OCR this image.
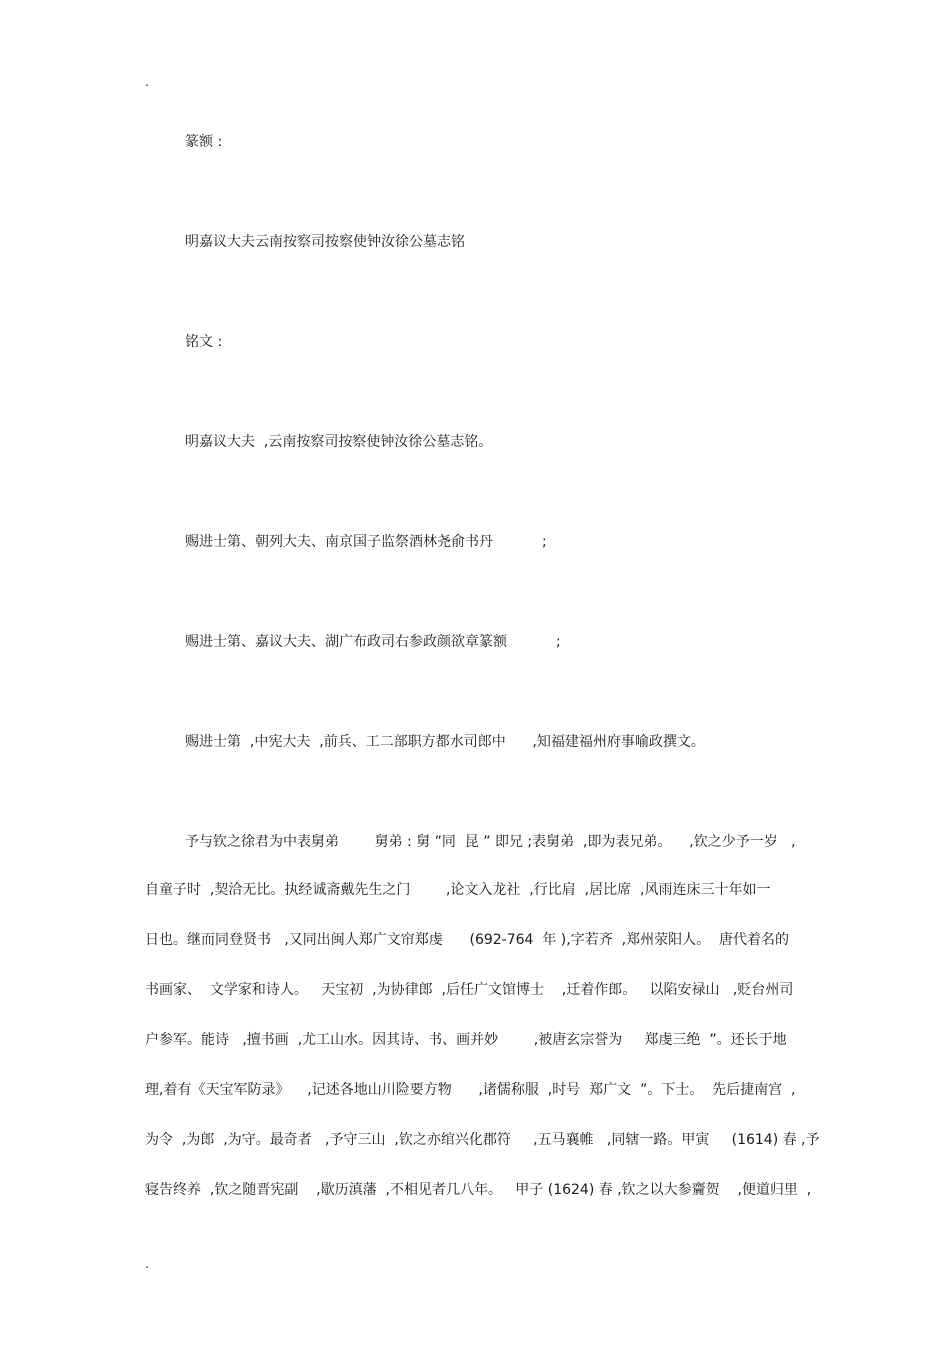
.
篆额 :
明嘉议大夫云南按察司按察使钟汝徐公墓志铭
铭文 :
明嘉议大夫  ,云南按察司按察使钟汝徐公墓志铭。
赐进士第、朝列大夫、南京国子监祭酒林尧俞书丹           ;
赐进士第、嘉议大夫、湖广布政司右参政颜欲章篆额           ;
赐进士第  ,中宪大夫  ,前兵、工二部职方都水司郎中      ,知福建福州府事喻政撰文。
予与钦之徐君为中表舅弟        舅弟 : 舅 ”同  昆 ” 即兄 ;表舅弟  ,即为表兄弟。    ,钦之少予一岁   ,
自童子时  ,契洽无比。执经诚斋戴先生之门        ,论文入龙社  ,行比肩  ,居比席  ,风雨连床三十年如一
日也。继而同登贤书   ,又同出闽人郑广文帘郑虔      (692-764  年 ),字若齐  ,郑州荥阳人。  唐代着名的
书画家、  文学家和诗人。   天宝初  ,为协律郎  ,后任广文馆博士    ,迁着作郎。   以陷安禄山   ,贬台州司
户参军。能诗   ,擅书画  ,尤工山水。因其诗、书、画并妙        ,被唐玄宗誉为     郑虔三绝  ”。还长于地
理,着有《天宝军防录》    ,记述各地山川险要方物      ,诸儒称服  ,时号  郑广文  ”。下士。  先后捷南宫  ,
为令  ,为郎  ,为守。最奇者   ,予守三山  ,钦之亦绾兴化郡符     ,五马襄帷   ,同辖一路。甲寅     (1614) 春 ,予
寝告终养  ,钦之随晋宪副    ,歇历滇藩  ,不相见者几八年。   甲子 (1624) 春 ,钦之以大参齎贺    ,便道归里  ,
.
